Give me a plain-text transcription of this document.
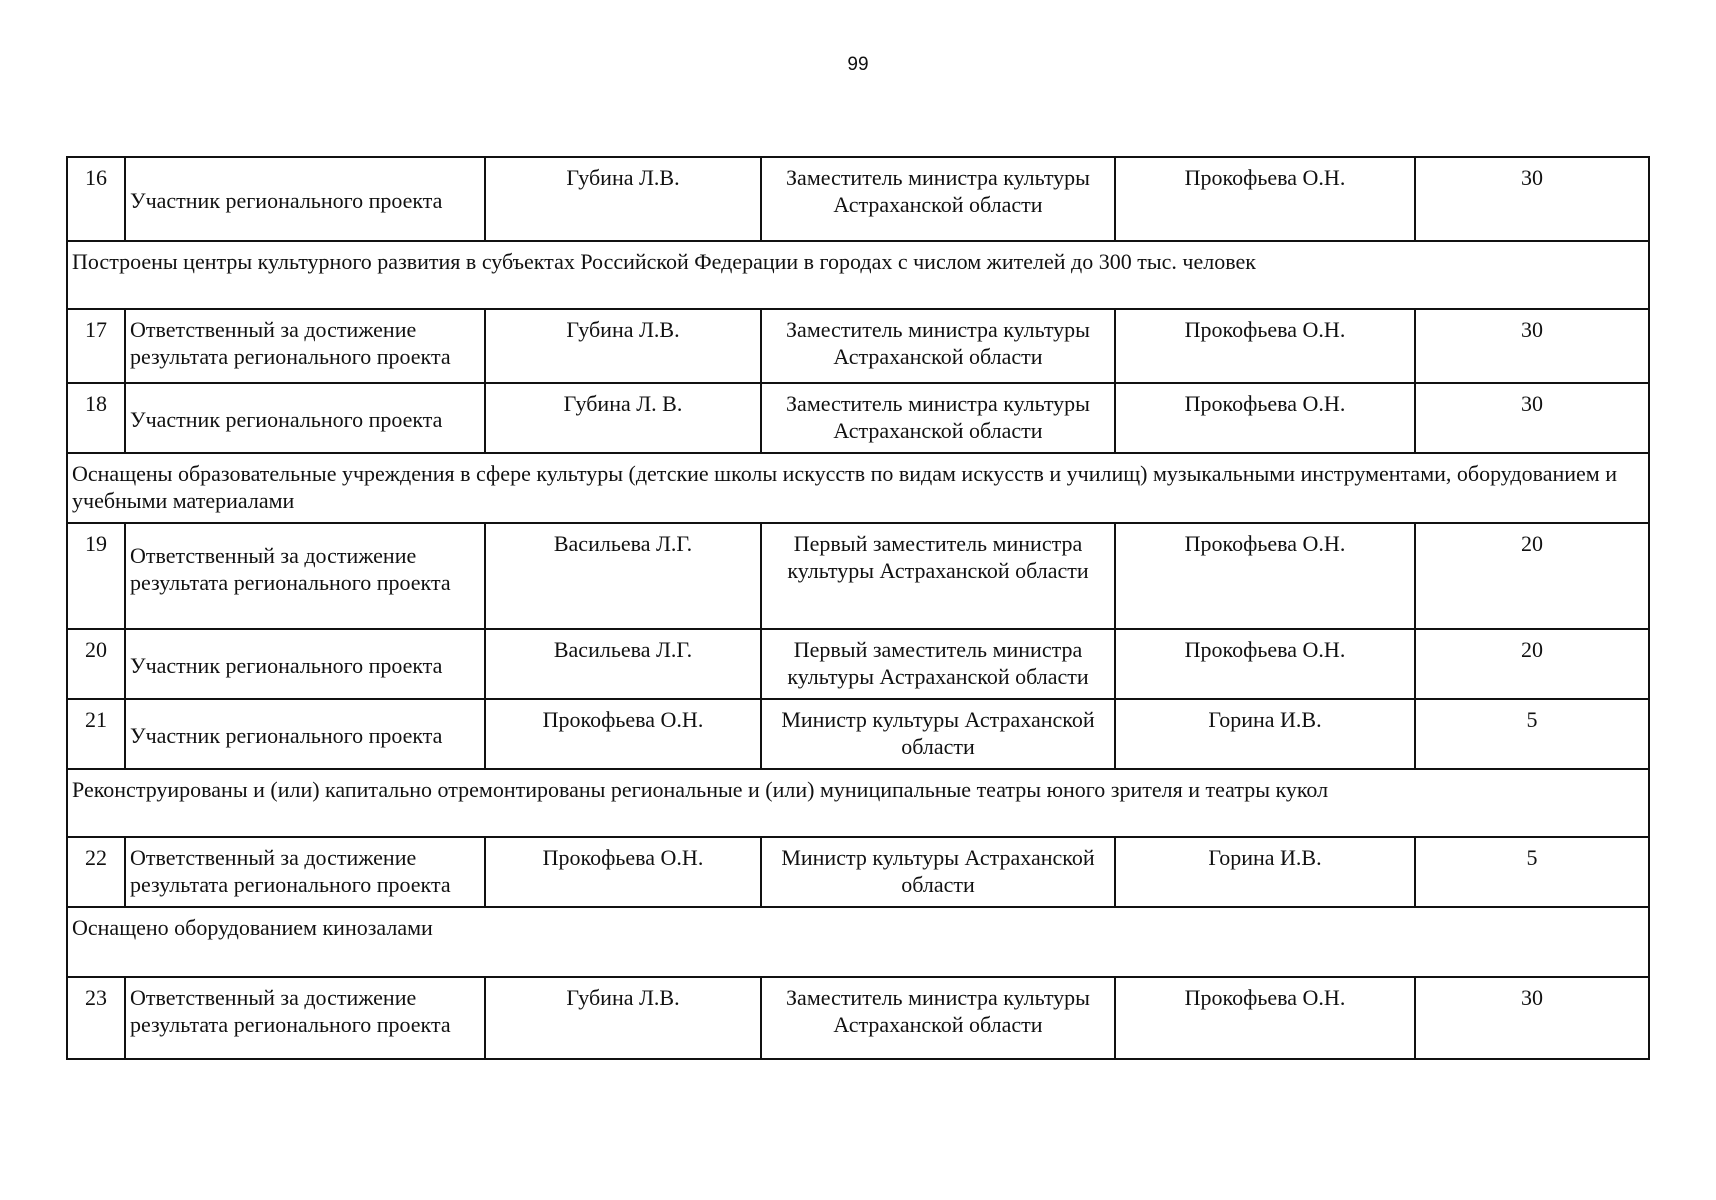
99
16	Участник регионального проекта	Губина Л.В.	Заместитель министра культуры Астраханской области	Прокофьева О.Н.	30
Построены центры культурного развития в субъектах Российской Федерации в городах с числом жителей до 300 тыс. человек					
17	Ответственный за достижение результата регионального проекта	Губина Л.В.	Заместитель министра культуры Астраханской области	Прокофьева О.Н.	30
18	Участник регионального проекта	Губина Л. В.	Заместитель министра культуры Астраханской области	Прокофьева О.Н.	30
Оснащены образовательные учреждения в сфере культуры (детские школы искусств по видам искусств и училищ) музыкальными инструментами, оборудованием и учебными материалами					
19	Ответственный за достижение результата регионального проекта	Васильева Л.Г.	Первый заместитель министра культуры Астраханской области	Прокофьева О.Н.	20
20	Участник регионального проекта	Васильева Л.Г.	Первый заместитель министра культуры Астраханской области	Прокофьева О.Н.	20
21	Участник регионального проекта	Прокофьева О.Н.	Министр культуры Астраханской области	Горина И.В.	5
Реконструированы и (или) капитально отремонтированы региональные и (или) муниципальные театры юного зрителя и театры кукол					
22	Ответственный за достижение результата регионального проекта	Прокофьева О.Н.	Министр культуры Астраханской области	Горина И.В.	5
Оснащено оборудованием кинозалами					
23	Ответственный за достижение результата регионального проекта	Губина Л.В.	Заместитель министра культуры Астраханской области	Прокофьева О.Н.	30
